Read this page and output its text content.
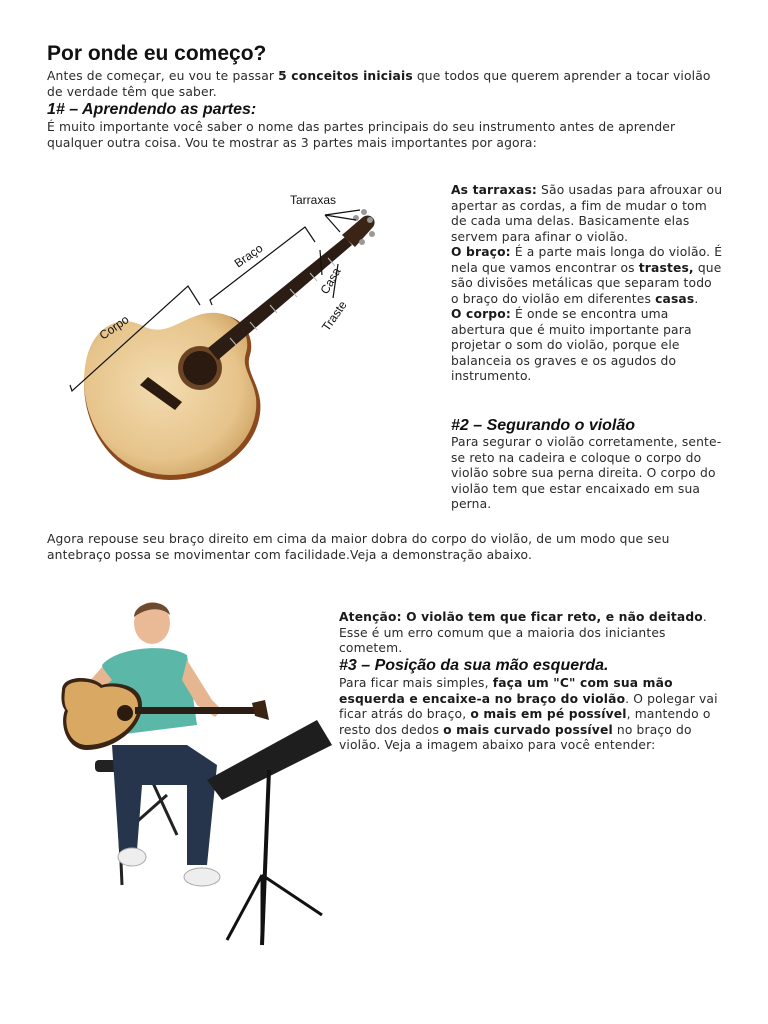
Por onde eu começo?

Antes de começar, eu vou te passar 5 conceitos iniciais que todos que querem aprender a tocar violão de verdade têm que saber.

1# – Aprendendo as partes:

É muito importante você saber o nome das partes principais do seu instrumento antes de aprender qualquer outra coisa. Vou te mostrar as 3 partes mais importantes por agora:

Tarraxas
Braço
Corpo
Casa
Traste

As tarraxas: São usadas para afrouxar ou apertar as cordas, a fim de mudar o tom de cada uma delas. Basicamente elas servem para afinar o violão.
O braço: É a parte mais longa do violão. É nela que vamos encontrar os trastes, que são divisões metálicas que separam todo o braço do violão em diferentes casas.
O corpo: É onde se encontra uma abertura que é muito importante para projetar o som do violão, porque ele balanceia os graves e os agudos do instrumento.

#2 – Segurando o violão

Para segurar o violão corretamente, sente-se reto na cadeira e coloque o corpo do violão sobre sua perna direita. O corpo do violão tem que estar encaixado em sua perna.

Agora repouse seu braço direito em cima da maior dobra do corpo do violão, de um modo que seu antebraço possa se movimentar com facilidade.Veja a demonstração abaixo.

Atenção: O violão tem que ficar reto, e não deitado. Esse é um erro comum que a maioria dos iniciantes cometem.

#3 – Posição da sua mão esquerda.

Para ficar mais simples, faça um "C" com sua mão esquerda e encaixe-a no braço do violão. O polegar vai ficar atrás do braço, o mais em pé possível, mantendo o resto dos dedos o mais curvado possível no braço do violão. Veja a imagem abaixo para você entender:
